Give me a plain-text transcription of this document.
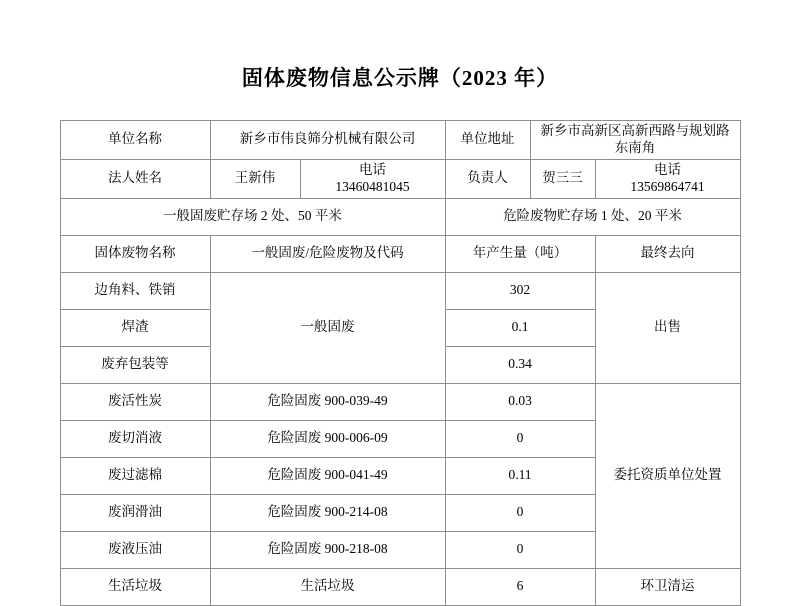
固体废物信息公示牌（2023 年）
单位名称	新乡市伟良筛分机械有限公司		单位地址	新乡市高新区高新西路与规划路东南角	
法人姓名	王新伟	电话 13460481045	负责人	贺三三	电话 13569864741
一般固废贮存场 2 处、50 平米			危险废物贮存场 1 处、20 平米		
固体废物名称	一般固废/危险废物及代码		年产生量（吨）		最终去向
边角料、铁销	一般固废		302		出售
焊渣			0.1		
废弃包装等			0.34		
废活性炭	危险固废 900-039-49		0.03		委托资质单位处置
废切消液	危险固废 900-006-09		0		
废过滤棉	危险固废 900-041-49		0.11		
废润滑油	危险固废 900-214-08		0		
废液压油	危险固废 900-218-08		0		
生活垃圾	生活垃圾		6		环卫清运
